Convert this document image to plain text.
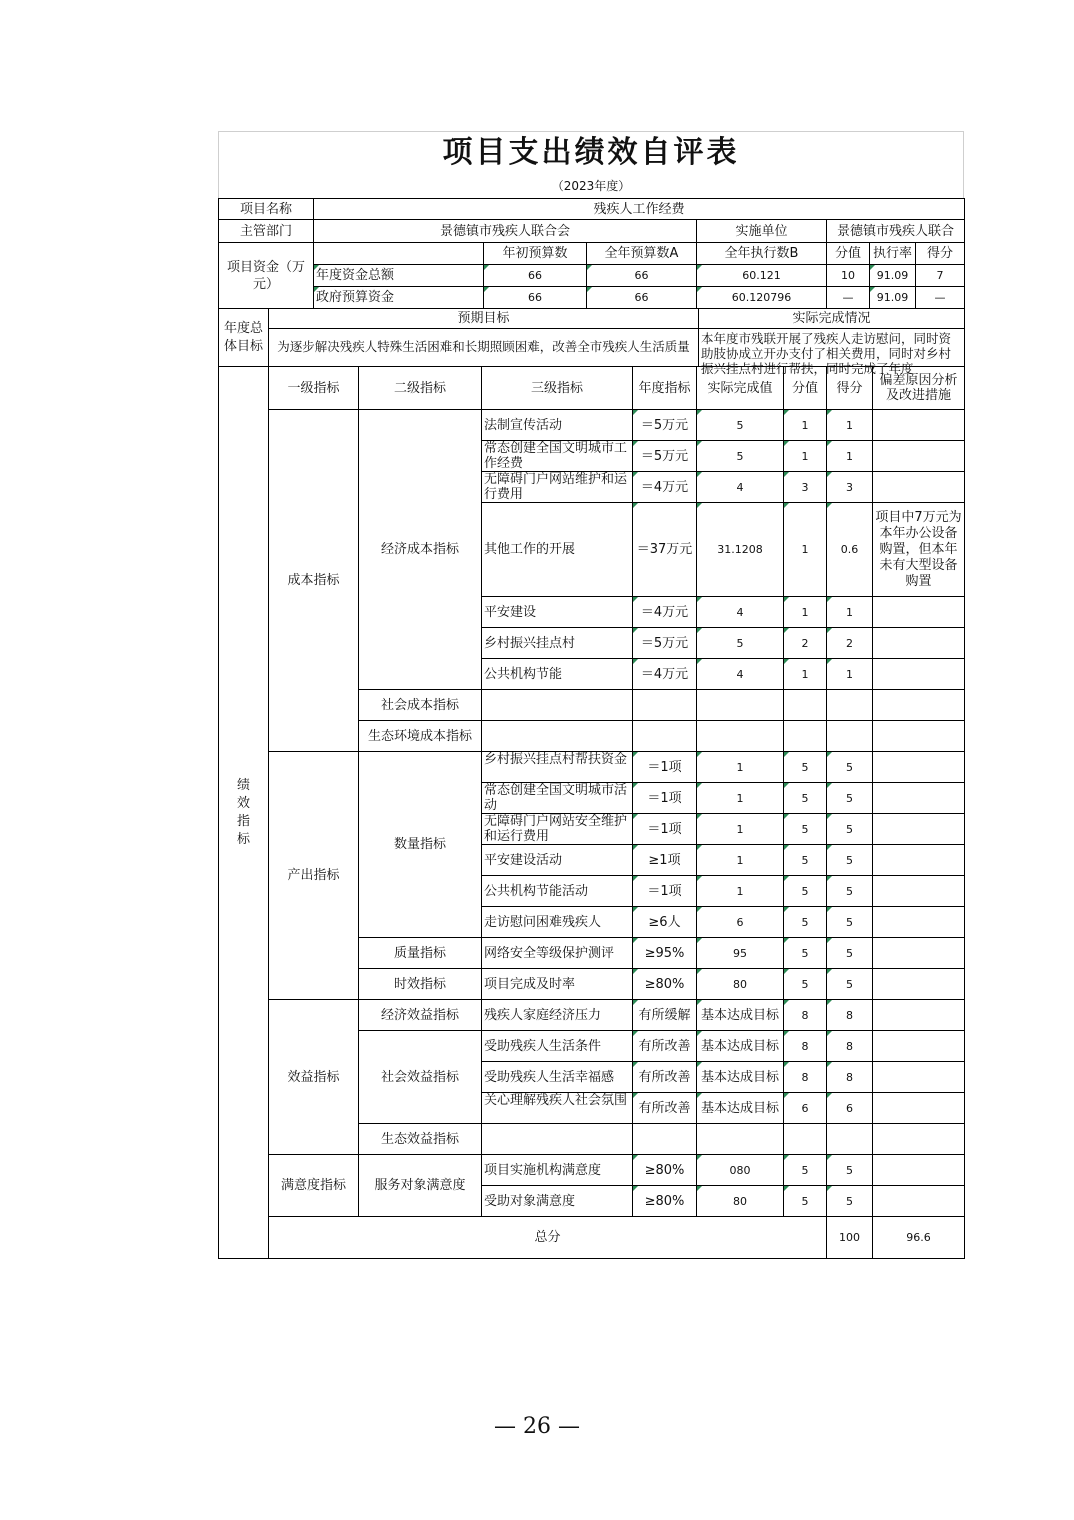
项目支出绩效自评表
（2023年度）
项目名称	残疾人工作经费		
主管部门	景德镇市残疾人联合会	实施单位	景德镇市残疾人联合
项目资金（万元）		年初预算数	全年预算数A	全年执行数B	分值	执行率	得分
	年度资金总额	66	66	60.121	10	91.09	7
	政府预算资金	66	66	60.120796	—	91.09	—
年度总体目标	预期目标	实际完成情况
	为逐步解决残疾人特殊生活困难和长期照顾困难，改善全市残疾人生活质量	本年度市残联开展了残疾人走访慰问，同时资助肢协成立开办支付了相关费用，同时对乡村振兴挂点村进行帮扶，同时完成了年度
绩效指标	一级指标	二级指标	三级指标	年度指标	实际完成值	分值	得分	偏差原因分析及改进措施	
	成本指标	经济成本指标	法制宣传活动	＝5万元	5	1	1		

			常态创建全国文明城市工作经费	＝5万元	5	1	1		

			无障碍门户网站维护和运行费用	＝4万元	4	3	3		
			其他工作的开展	＝37万元	31.1208	1	0.6	项目中7万元为本年办公设备购置，但本年未有大型设备购置	
			平安建设	＝4万元	4	1	1		
			乡村振兴挂点村	＝5万元	5	2	2		
			公共机构节能	＝4万元	4	1	1		
		社会成本指标							
		生态环境成本指标							
	产出指标	数量指标	乡村振兴挂点村帮扶资金	＝1项	1	5	5		

			常态创建全国文明城市活动	＝1项	1	5	5		

			无障碍门户网站安全维护和运行费用	＝1项	1	5	5		
			平安建设活动	≥1项	1	5	5		
			公共机构节能活动	＝1项	1	5	5		
			走访慰问困难残疾人	≥6人	6	5	5		
		质量指标	网络安全等级保护测评	≥95%	95	5	5		
		时效指标	项目完成及时率	≥80%	80	5	5		
	效益指标	经济效益指标	残疾人家庭经济压力	有所缓解	基本达成目标	8	8		
		社会效益指标	受助残疾人生活条件	有所改善	基本达成目标	8	8		
			受助残疾人生活幸福感	有所改善	基本达成目标	8	8		

			关心理解残疾人社会氛围	有所改善	基本达成目标	6	6		
		生态效益指标							
	满意度指标	服务对象满意度	项目实施机构满意度	≥80%	080	5	5		
			受助对象满意度	≥80%	80	5	5		
	总分						100	96.6	
— 26 —
